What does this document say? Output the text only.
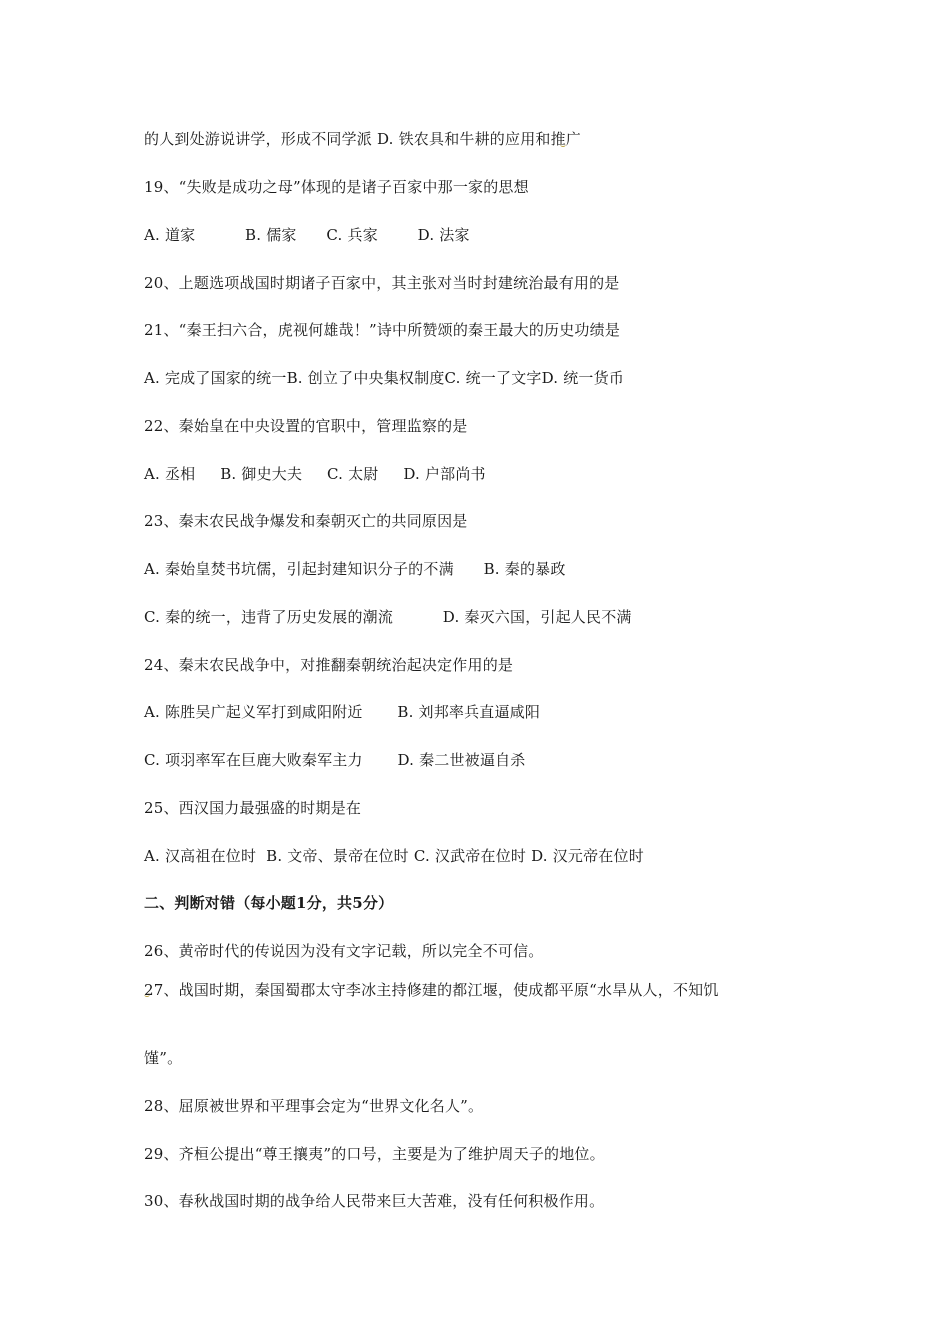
的人到处游说讲学，形成不同学派 D. 铁农具和牛耕的应用和推广
19、“失败是成功之母”体现的是诸子百家中那一家的思想
A. 道家          B. 儒家      C. 兵家        D. 法家
20、上题选项战国时期诸子百家中，其主张对当时封建统治最有用的是
21、“秦王扫六合，虎视何雄哉！”诗中所赞颂的秦王最大的历史功绩是
A. 完成了国家的统一B. 创立了中央集权制度C. 统一了文字D. 统一货币
22、秦始皇在中央设置的官职中，管理监察的是
A. 丞相     B. 御史大夫     C. 太尉     D. 户部尚书
23、秦末农民战争爆发和秦朝灭亡的共同原因是
A. 秦始皇焚书坑儒，引起封建知识分子的不满      B. 秦的暴政
C. 秦的统一，违背了历史发展的潮流          D. 秦灭六国，引起人民不满
24、秦末农民战争中，对推翻秦朝统治起决定作用的是
A. 陈胜吴广起义军打到咸阳附近       B. 刘邦率兵直逼咸阳
C. 项羽率军在巨鹿大败秦军主力       D. 秦二世被逼自杀
25、西汉国力最强盛的时期是在
A. 汉高祖在位时  B. 文帝、景帝在位时 C. 汉武帝在位时 D. 汉元帝在位时
二、判断对错（每小题1分，共5分）
26、黄帝时代的传说因为没有文字记载，所以完全不可信。
27、战国时期，秦国蜀郡太守李冰主持修建的都江堰，使成都平原“水旱从人，不知饥
馑”。
28、屈原被世界和平理事会定为“世界文化名人”。
29、齐桓公提出“尊王攘夷”的口号，主要是为了维护周天子的地位。
30、春秋战国时期的战争给人民带来巨大苦难，没有任何积极作用。
